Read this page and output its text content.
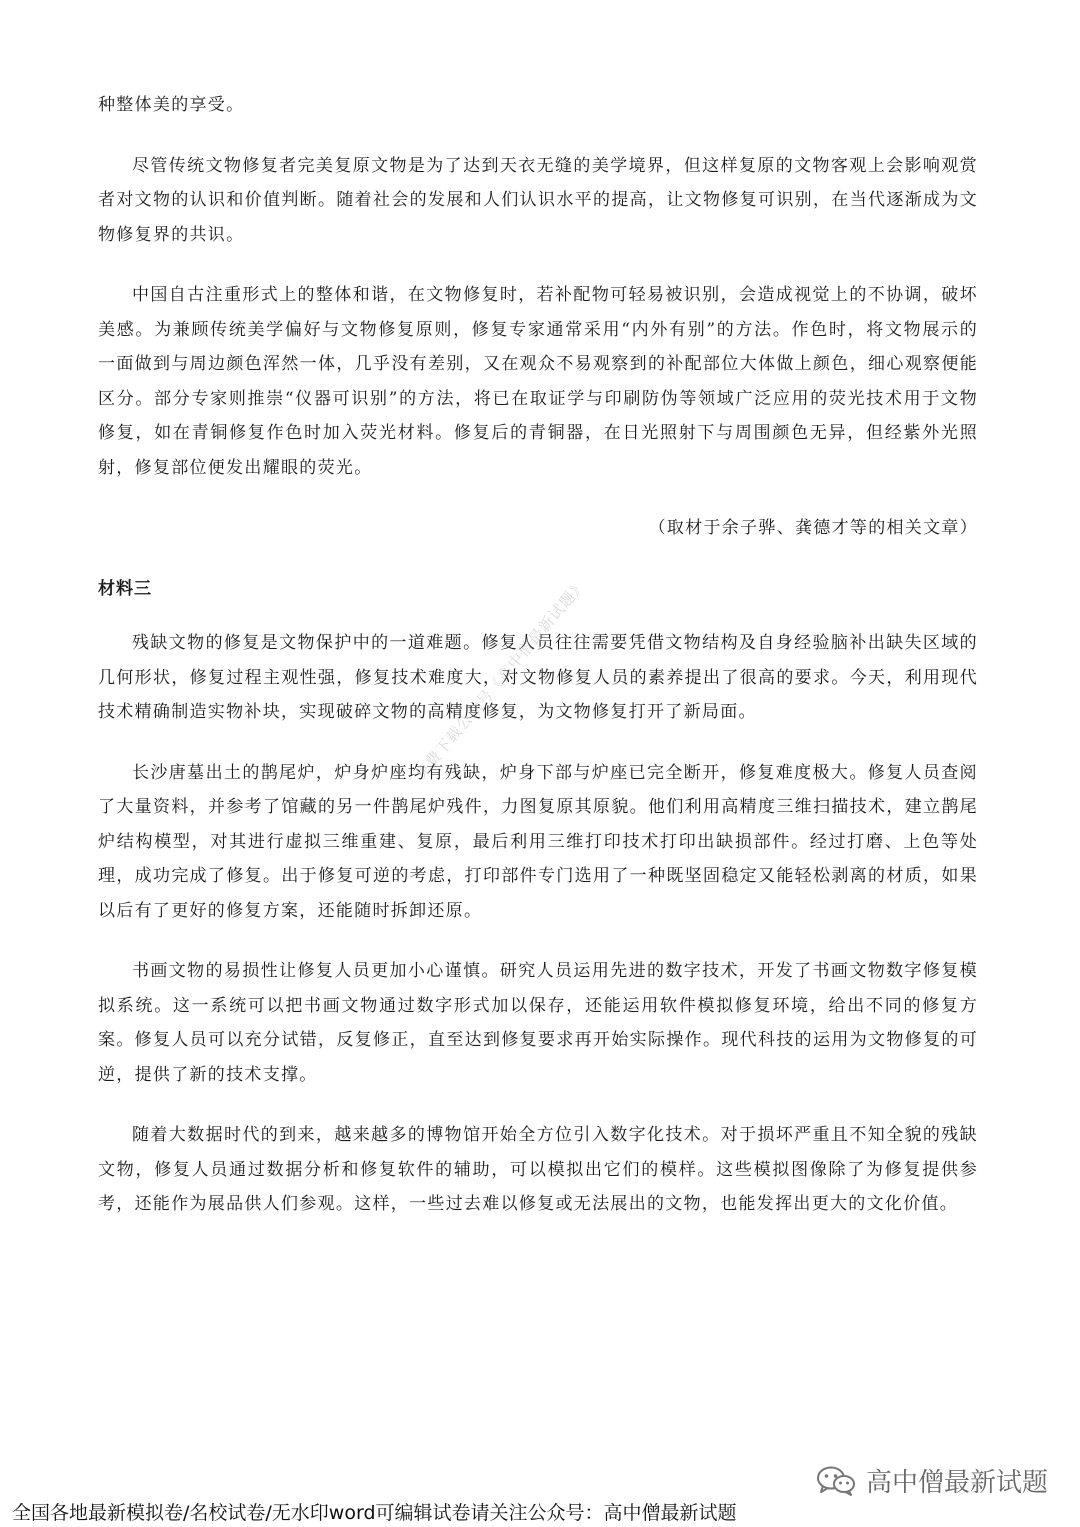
种整体美的享受。

尽管传统文物修复者完美复原文物是为了达到天衣无缝的美学境界，但这样复原的文物客观上会影响观赏者对文物的认识和价值判断。随着社会的发展和人们认识水平的提高，让文物修复可识别，在当代逐渐成为文物修复界的共识。

中国自古注重形式上的整体和谐，在文物修复时，若补配物可轻易被识别，会造成视觉上的不协调，破坏美感。为兼顾传统美学偏好与文物修复原则，修复专家通常采用“内外有别”的方法。作色时，将文物展示的一面做到与周边颜色浑然一体，几乎没有差别，又在观众不易观察到的补配部位大体做上颜色，细心观察便能区分。部分专家则推崇“仪器可识别”的方法，将已在取证学与印刷防伪等领域广泛应用的荧光技术用于文物修复，如在青铜修复作色时加入荧光材料。修复后的青铜器，在日光照射下与周围颜色无异，但经紫外光照射，修复部位便发出耀眼的荧光。

（取材于余子骅、龚德才等的相关文章）
材料三

残缺文物的修复是文物保护中的一道难题。修复人员往往需要凭借文物结构及自身经验脑补出缺失区域的几何形状，修复过程主观性强，修复技术难度大，对文物修复人员的素养提出了很高的要求。今天，利用现代技术精确制造实物补块，实现破碎文物的高精度修复，为文物修复打开了新局面。

长沙唐墓出土的鹊尾炉，炉身炉座均有残缺，炉身下部与炉座已完全断开，修复难度极大。修复人员查阅了大量资料，并参考了馆藏的另一件鹊尾炉残件，力图复原其原貌。他们利用高精度三维扫描技术，建立鹊尾炉结构模型，对其进行虚拟三维重建、复原，最后利用三维打印技术打印出缺损部件。经过打磨、上色等处理，成功完成了修复。出于修复可逆的考虑，打印部件专门选用了一种既坚固稳定又能轻松剥离的材质，如果以后有了更好的修复方案，还能随时拆卸还原。

书画文物的易损性让修复人员更加小心谨慎。研究人员运用先进的数字技术，开发了书画文物数字修复模拟系统。这一系统可以把书画文物通过数字形式加以保存，还能运用软件模拟修复环境，给出不同的修复方案。修复人员可以充分试错，反复修正，直至达到修复要求再开始实际操作。现代科技的运用为文物修复的可逆，提供了新的技术支撑。

随着大数据时代的到来，越来越多的博物馆开始全方位引入数字化技术。对于损坏严重且不知全貌的残缺文物，修复人员通过数据分析和修复软件的辅助，可以模拟出它们的模样。这些模拟图像除了为修复提供参考，还能作为展品供人们参观。这样，一些过去难以修复或无法展出的文物，也能发挥出更大的文化价值。

免费下载公众号《高中僧最新试题》
高中僧最新试题
全国各地最新模拟卷/名校试卷/无水印word可编辑试卷请关注公众号：高中僧最新试题
